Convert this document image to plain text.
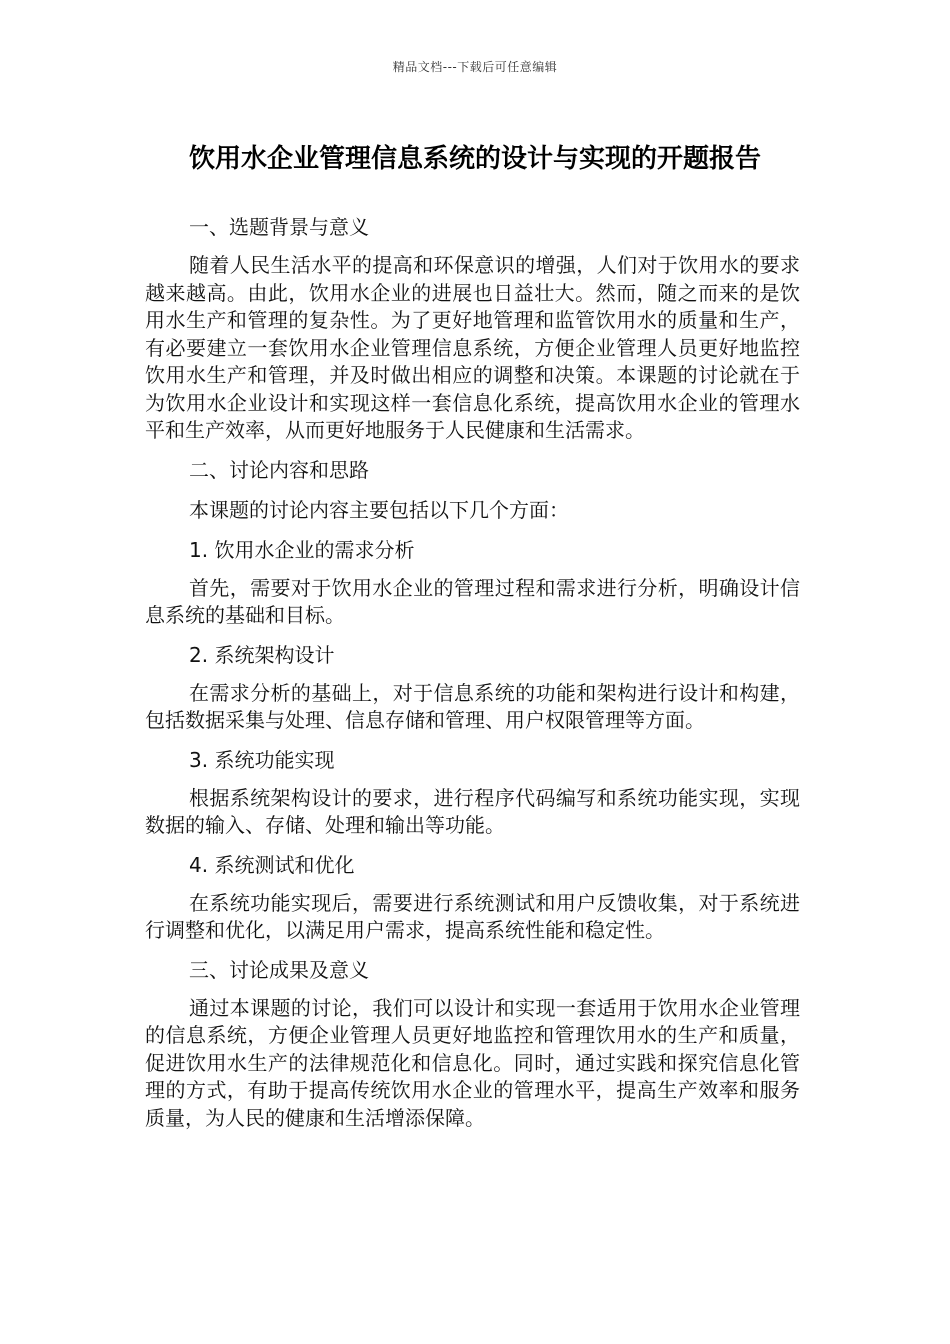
精品文档---下载后可任意编辑
饮用水企业管理信息系统的设计与实现的开题报告

一、选题背景与意义

随着人民生活水平的提高和环保意识的增强，人们对于饮用水的要求越来越高。由此，饮用水企业的进展也日益壮大。然而，随之而来的是饮用水生产和管理的复杂性。为了更好地管理和监管饮用水的质量和生产，有必要建立一套饮用水企业管理信息系统，方便企业管理人员更好地监控饮用水生产和管理，并及时做出相应的调整和决策。本课题的讨论就在于为饮用水企业设计和实现这样一套信息化系统，提高饮用水企业的管理水平和生产效率，从而更好地服务于人民健康和生活需求。

二、讨论内容和思路

本课题的讨论内容主要包括以下几个方面：

1. 饮用水企业的需求分析

首先，需要对于饮用水企业的管理过程和需求进行分析，明确设计信息系统的基础和目标。

2. 系统架构设计

在需求分析的基础上，对于信息系统的功能和架构进行设计和构建，包括数据采集与处理、信息存储和管理、用户权限管理等方面。

3. 系统功能实现

根据系统架构设计的要求，进行程序代码编写和系统功能实现，实现数据的输入、存储、处理和输出等功能。

4. 系统测试和优化

在系统功能实现后，需要进行系统测试和用户反馈收集，对于系统进行调整和优化，以满足用户需求，提高系统性能和稳定性。

三、讨论成果及意义

通过本课题的讨论，我们可以设计和实现一套适用于饮用水企业管理的信息系统，方便企业管理人员更好地监控和管理饮用水的生产和质量，促进饮用水生产的法律规范化和信息化。同时，通过实践和探究信息化管理的方式，有助于提高传统饮用水企业的管理水平，提高生产效率和服务质量，为人民的健康和生活增添保障。
